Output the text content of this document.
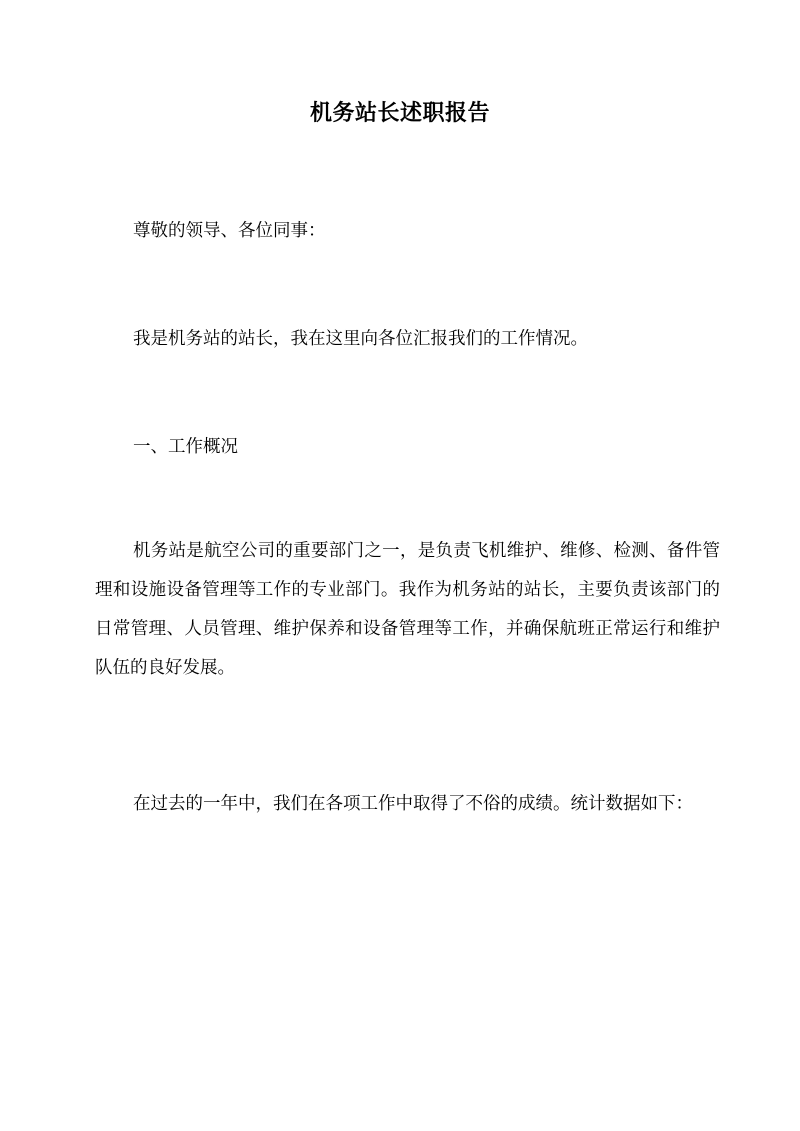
机务站长述职报告

尊敬的领导、各位同事：

我是机务站的站长，我在这里向各位汇报我们的工作情况。

一、工作概况

机务站是航空公司的重要部门之一，是负责飞机维护、维修、检测、备件管理和设施设备管理等工作的专业部门。我作为机务站的站长，主要负责该部门的日常管理、人员管理、维护保养和设备管理等工作，并确保航班正常运行和维护队伍的良好发展。

在过去的一年中，我们在各项工作中取得了不俗的成绩。统计数据如下：
